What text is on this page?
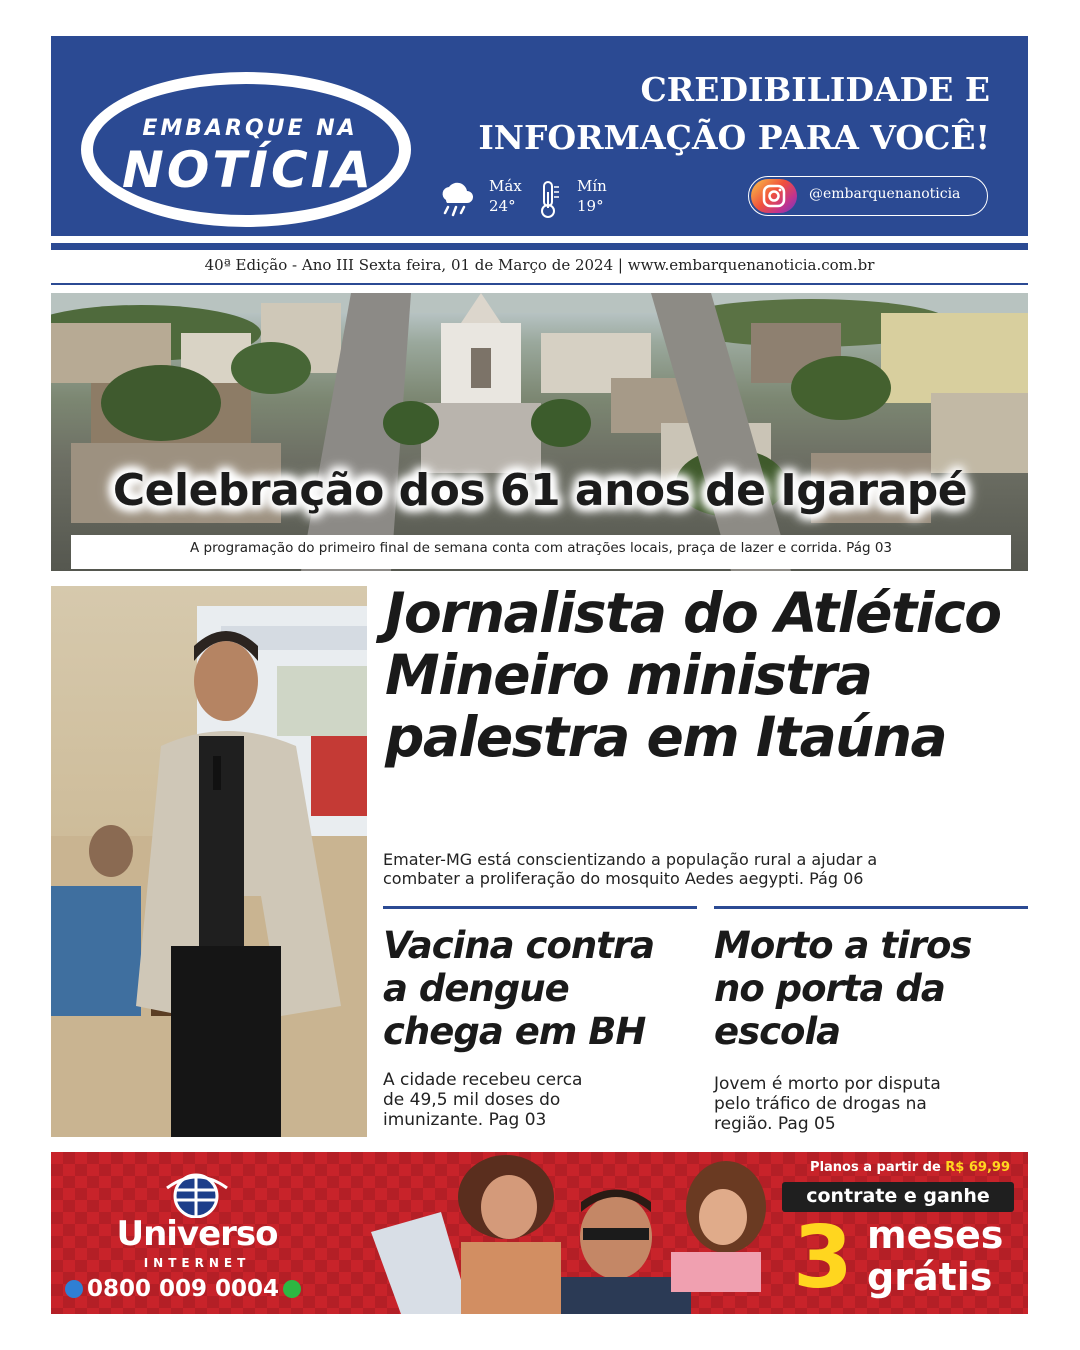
EMBARQUE NA
NOTÍCIA
CREDIBILIDADE E
INFORMAÇÃO PARA VOCÊ!
Máx
24°
Mín
19°
@embarquenanoticia
40ª Edição - Ano III Sexta feira, 01 de Março de 2024 | www.embarquenanoticia.com.br
Celebração dos 61 anos de Igarapé
A programação do primeiro final de semana conta com atrações locais, praça de lazer e corrida. Pág 03
Jornalista do Atlético Mineiro ministra palestra em Itaúna
Emater-MG está conscientizando a população rural a ajudar a
combater a proliferação do mosquito Aedes aegypti. Pág 06
Vacina contra
a dengue
chega em BH
A cidade recebeu cerca
de 49,5 mil doses do
imunizante. Pag 03
Morto a tiros
no porta da
escola
Jovem é morto por disputa
pelo tráfico de drogas na
região. Pag 05
Universo
INTERNET
0800 009 0004
Planos a partir de R$ 69,99
contrate e ganhe
3 meses
grátis
